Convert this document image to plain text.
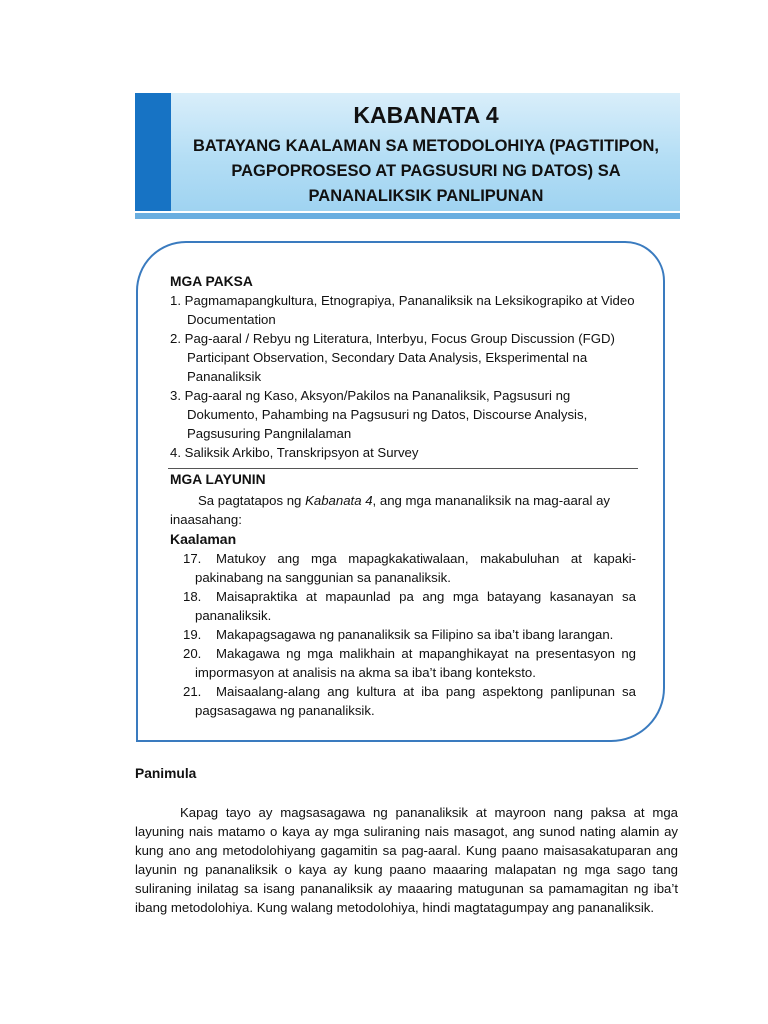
KABANATA 4
BATAYANG KAALAMAN SA METODOLOHIYA (PAGTITIPON,
PAGPOPROSESO AT PAGSUSURI NG DATOS) SA
PANANALIKSIK PANLIPUNAN
MGA PAKSA
1. Pagmamapangkultura, Etnograpiya, Pananaliksik na Leksikograpiko at Video Documentation
2. Pag-aaral / Rebyu ng Literatura, Interbyu, Focus Group Discussion (FGD) Participant Observation, Secondary Data Analysis, Eksperimental na Pananaliksik
3. Pag-aaral ng Kaso, Aksyon/Pakilos na Pananaliksik, Pagsusuri ng Dokumento, Pahambing na Pagsusuri ng Datos, Discourse Analysis, Pagsusuring Pangnilalaman
4. Saliksik Arkibo, Transkripsyon at Survey
MGA LAYUNIN
Sa pagtatapos ng Kabanata 4, ang mga mananaliksik na mag-aaral ay inaasahang:
Kaalaman
17. Matukoy ang mga mapagkakatiwalaan, makabuluhan at kapaki-pakinabang na sanggunian sa pananaliksik.
18. Maisapraktika at mapaunlad pa ang mga batayang kasanayan sa pananaliksik.
19. Makapagsagawa ng pananaliksik sa Filipino sa iba’t ibang larangan.
20. Makagawa ng mga malikhain at mapanghikayat na presentasyon ng impormasyon at analisis na akma sa iba’t ibang konteksto.
21. Maisaalang-alang ang kultura at iba pang aspektong panlipunan sa pagsasagawa ng pananaliksik.
Panimula
Kapag tayo ay magsasagawa ng pananaliksik at mayroon nang paksa at mga layuning nais matamo o kaya ay mga suliraning nais masagot, ang sunod nating alamin ay kung ano ang metodolohiyang gagamitin sa pag-aaral. Kung paano maisasakatuparan ang layunin ng pananaliksik o kaya ay kung paano maaaring malapatan ng mga sago tang suliraning inilatag sa isang pananaliksik ay maaaring matugunan sa pamamagitan ng iba’t ibang metodolohiya. Kung walang metodolohiya, hindi magtatagumpay ang pananaliksik.
